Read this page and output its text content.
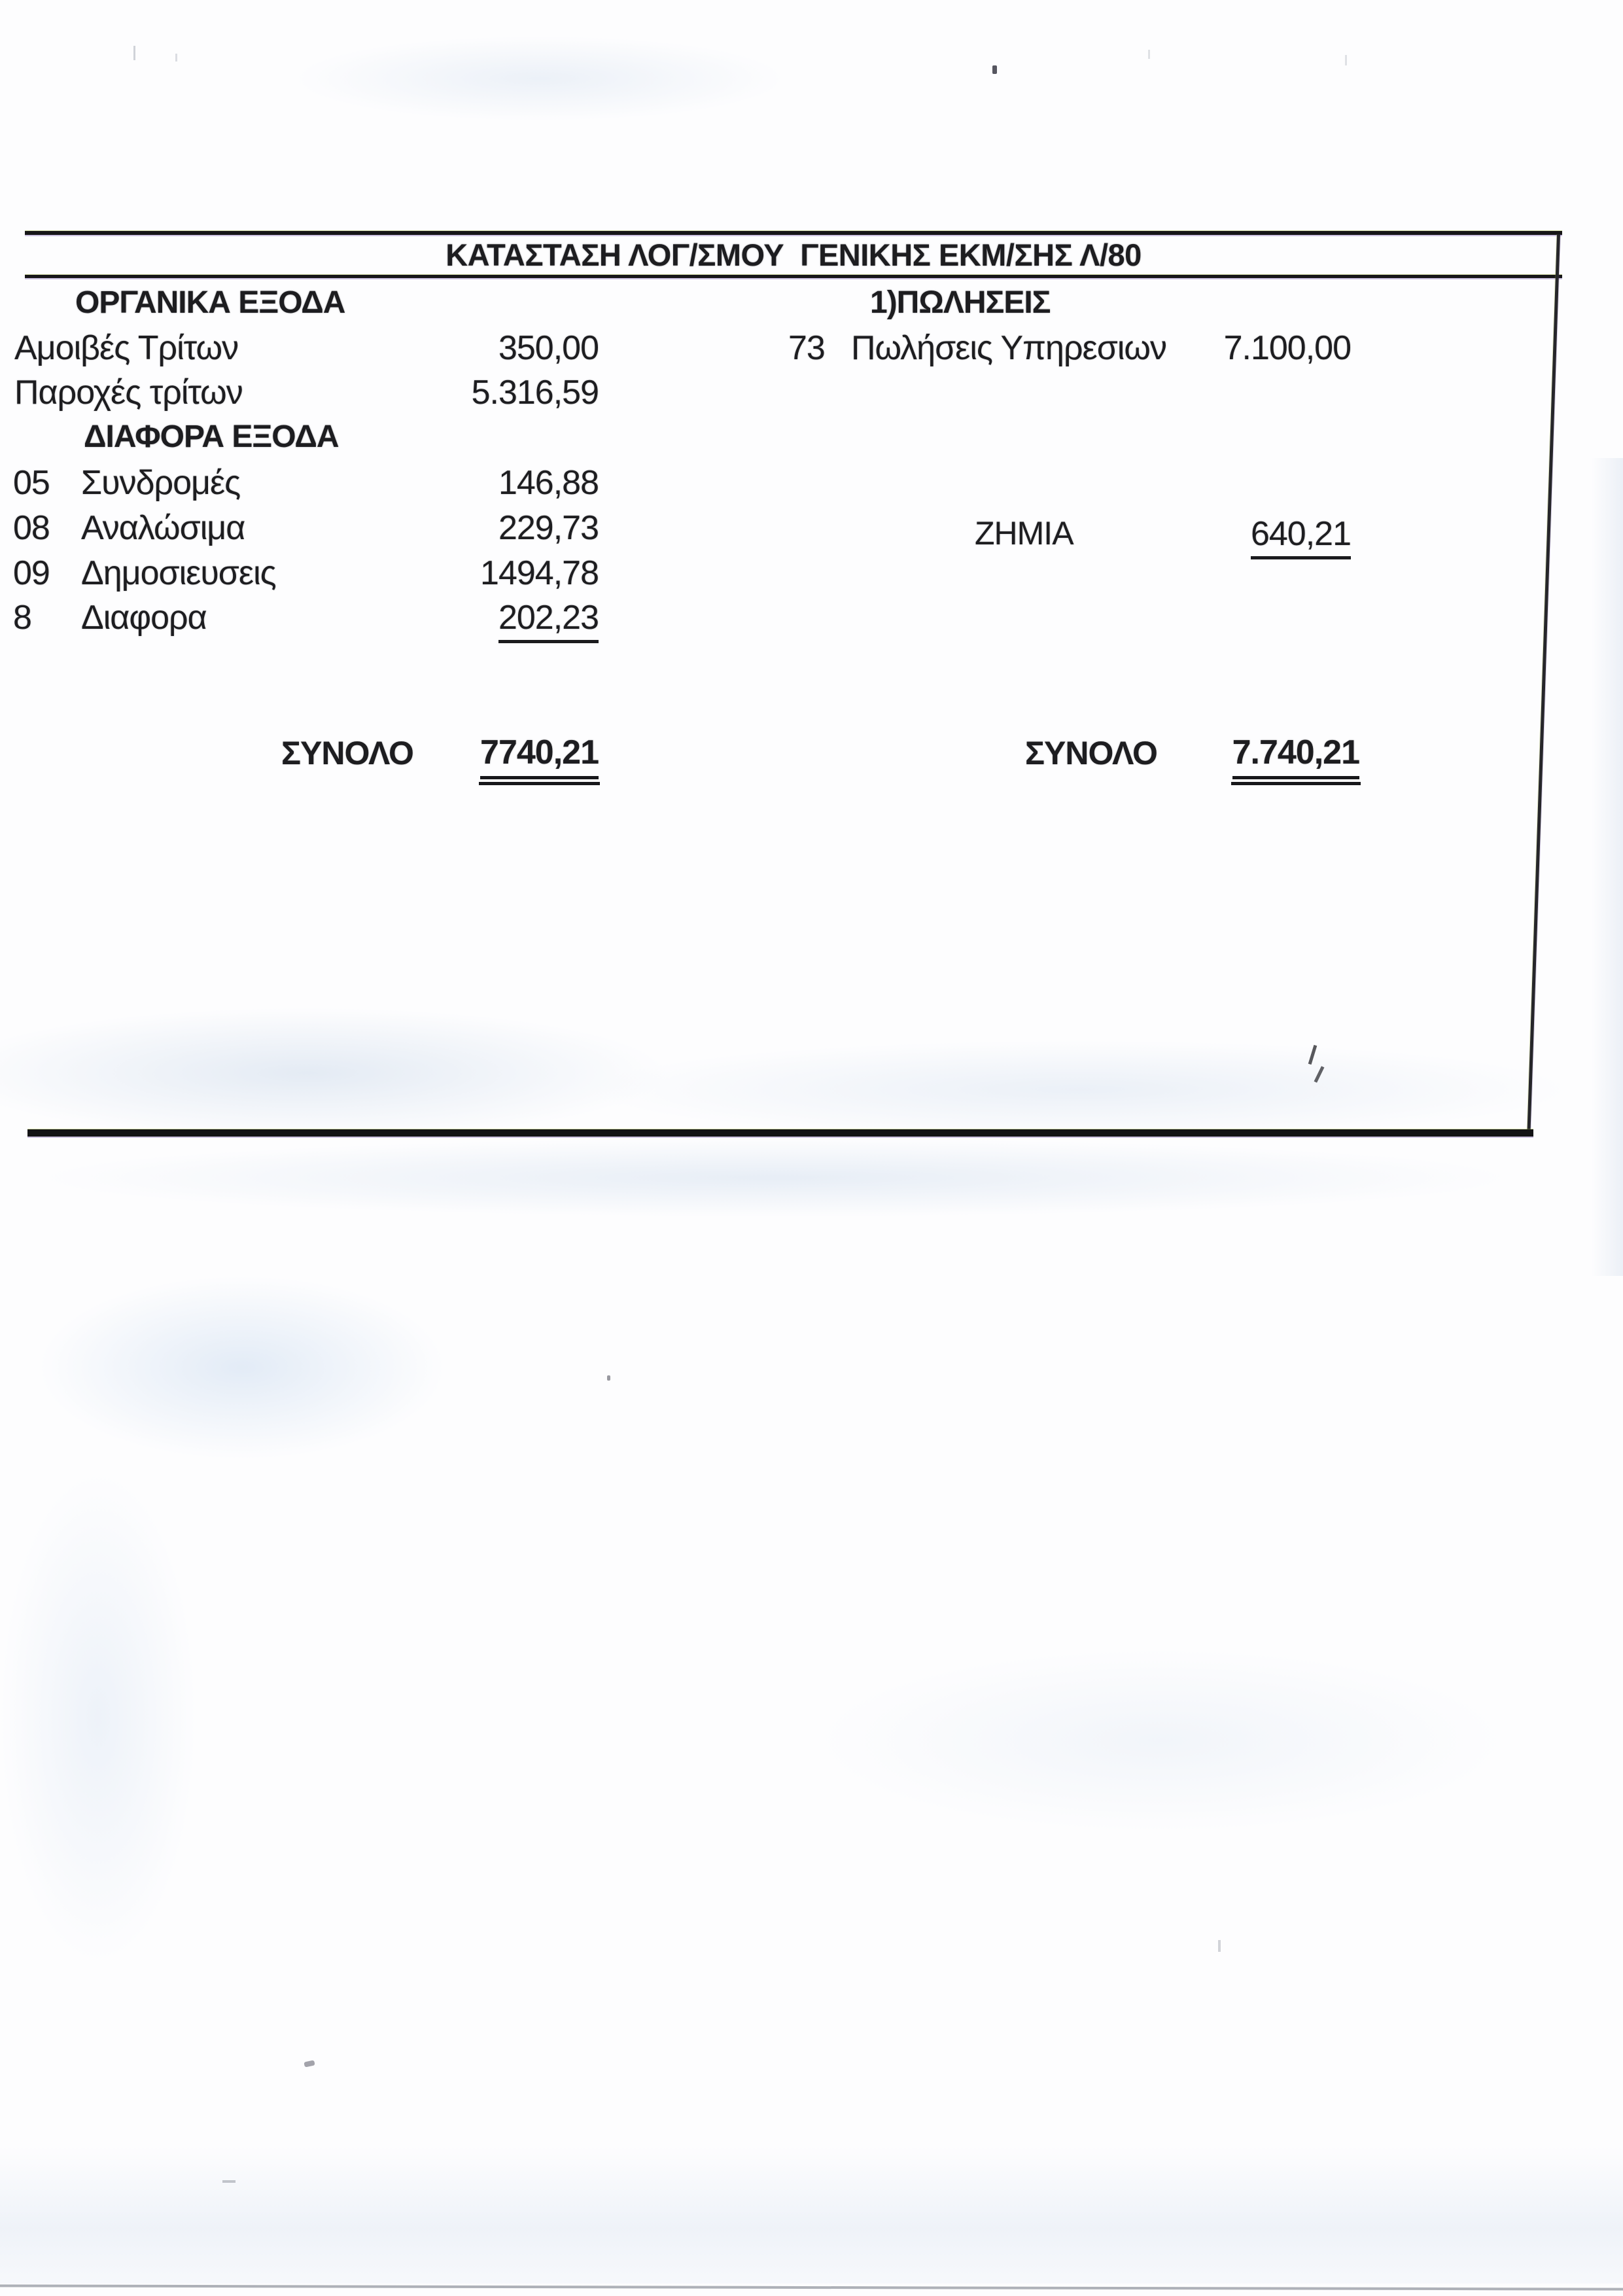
ΚΑΤΑΣΤΑΣΗ ΛΟΓ/ΣΜΟΥ  ΓΕΝΙΚΗΣ ΕΚΜ/ΣΗΣ Λ/80
ΟΡΓΑΝΙΚΑ ΕΞΟΔΑ
Αμοιβές Τρίτων	350,00
Παροχές τρίτων	5.316,59
ΔΙΑΦΟΡΑ ΕΞΟΔΑ
05 Συνδρομές	146,88
08 Αναλώσιμα	229,73
09 Δημοσιευσεις	1494,78
8 Διαφορα	202,23
ΣΥΝΟΛΟ	7740,21
1)ΠΩΛΗΣΕΙΣ
73 Πωλήσεις Υπηρεσιων	7.100,00
ΖΗΜΙΑ	640,21
ΣΥΝΟΛΟ	7.740,21
